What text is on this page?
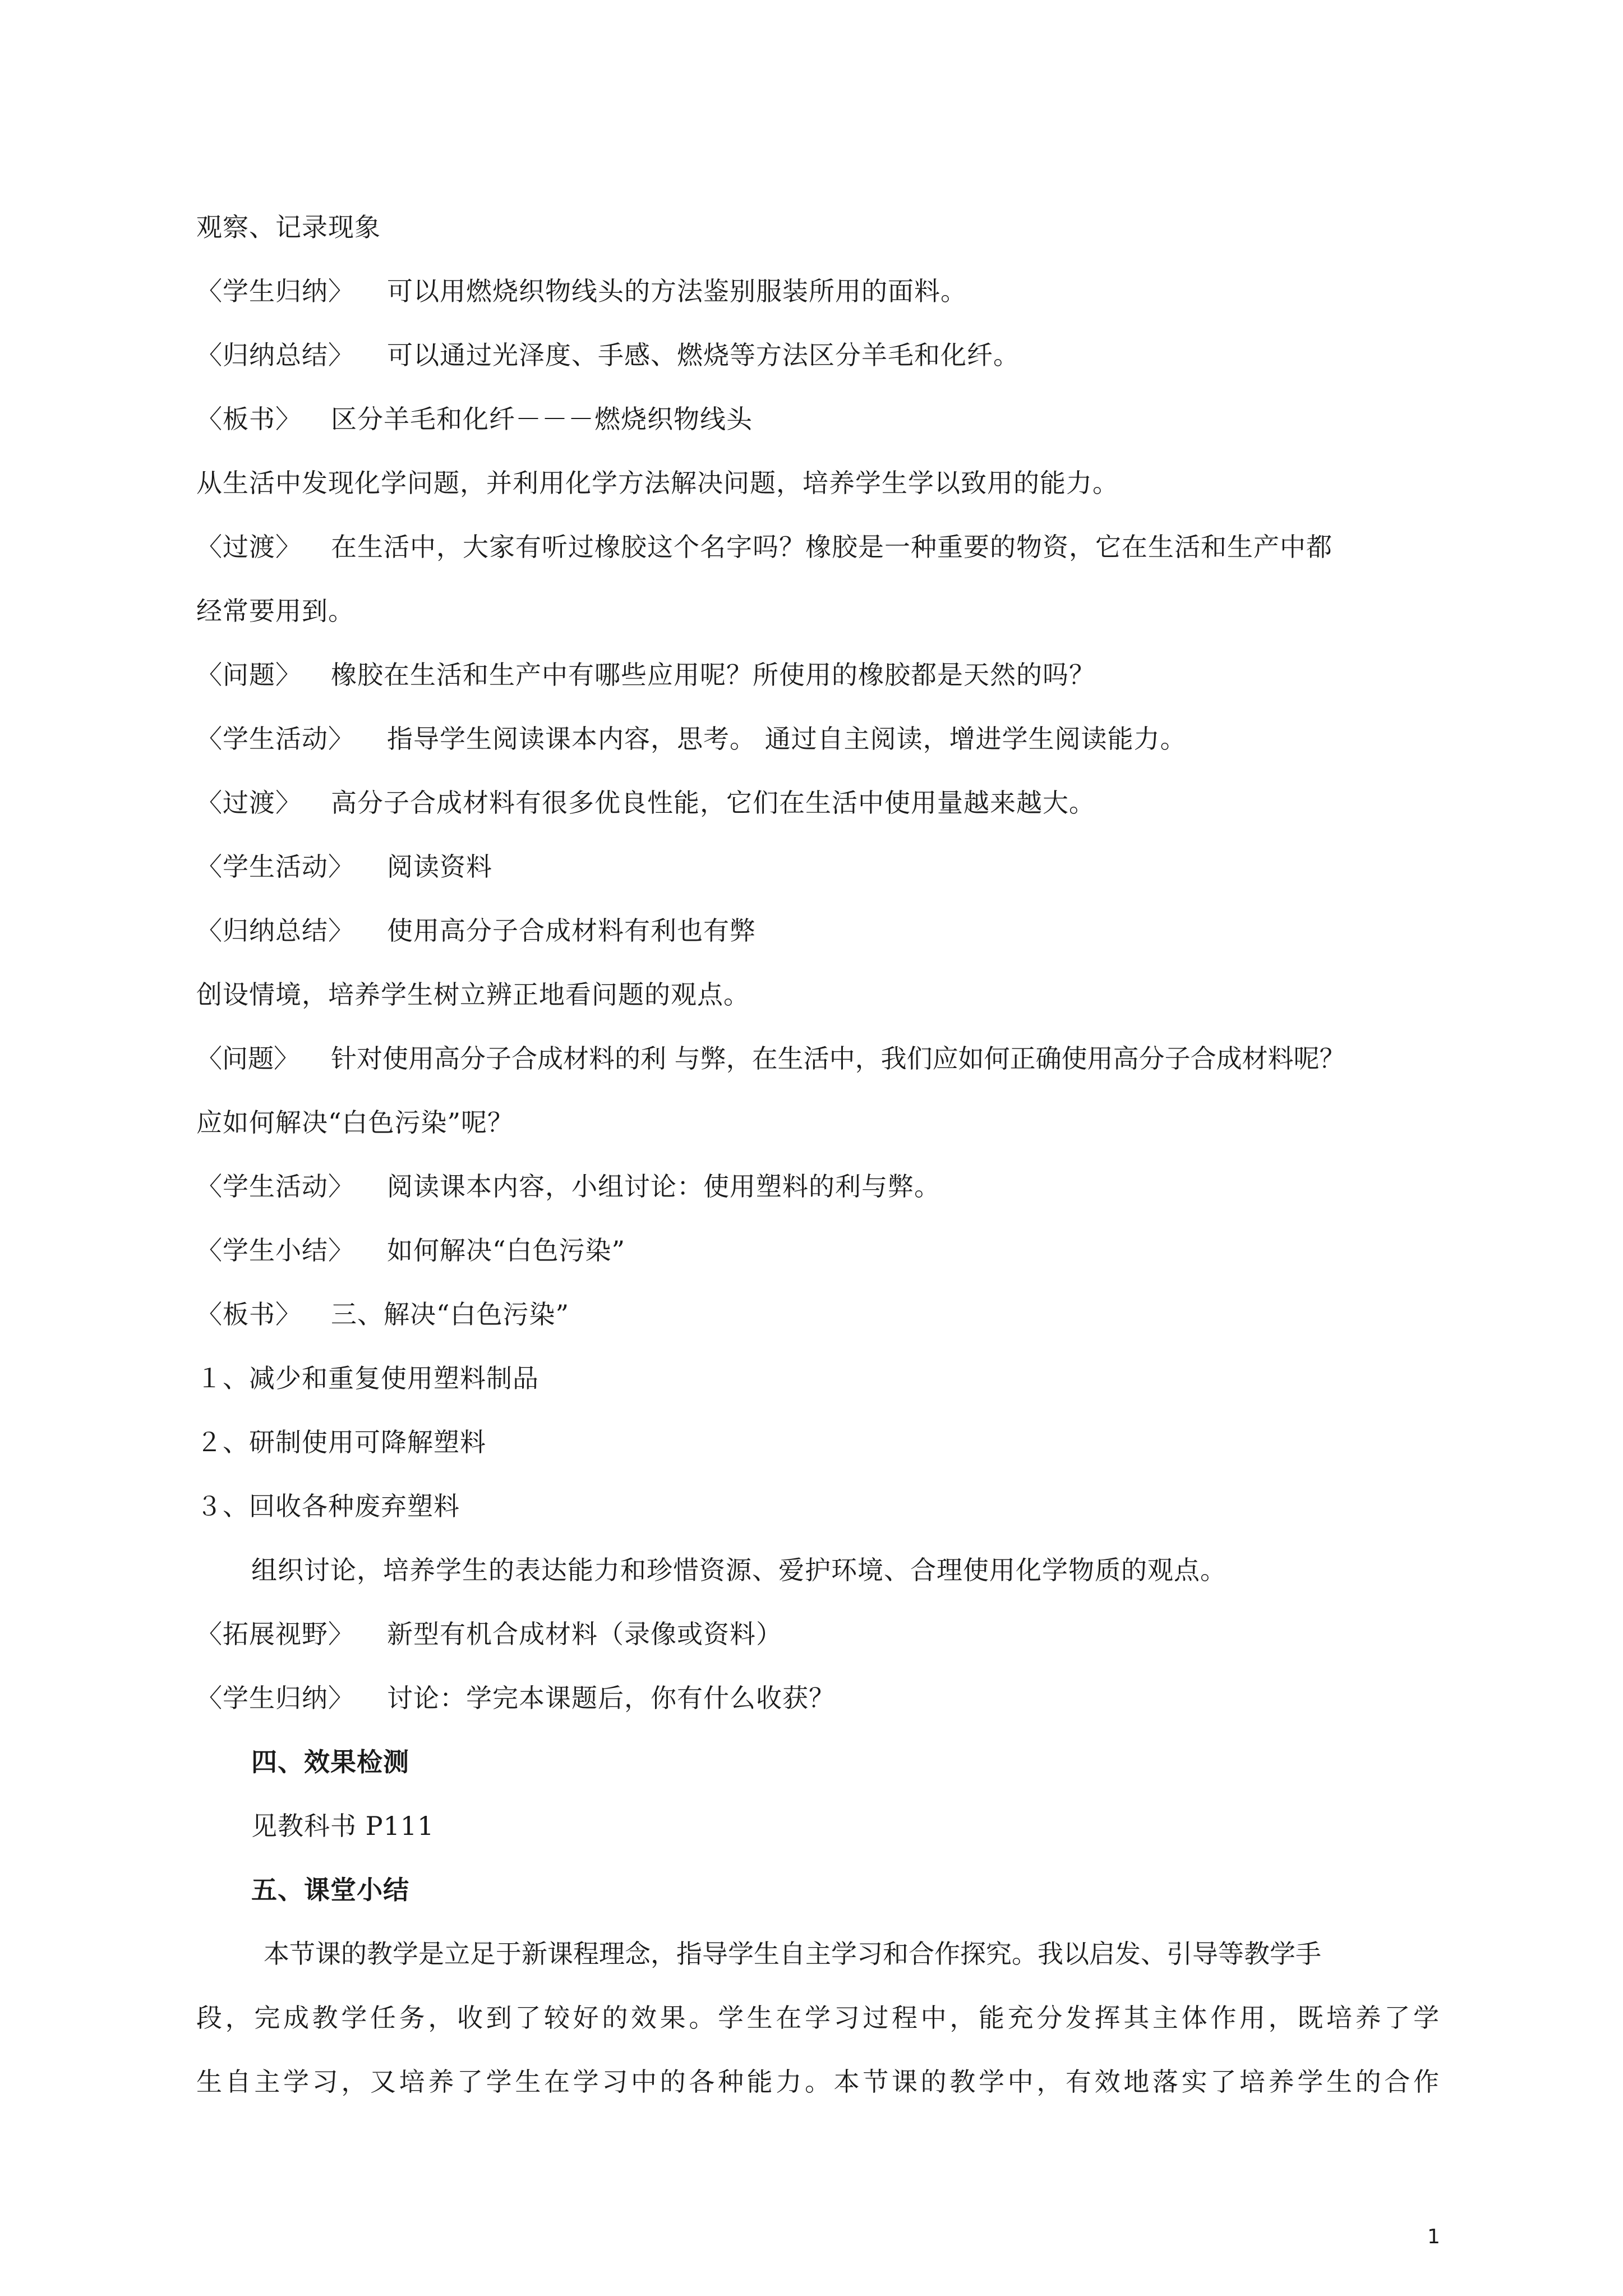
观察、记录现象
〈学生归纳〉 可以用燃烧织物线头的方法鉴别服装所用的面料。
〈归纳总结〉 可以通过光泽度、手感、燃烧等方法区分羊毛和化纤。
〈板书〉 区分羊毛和化纤－－－燃烧织物线头
从生活中发现化学问题，并利用化学方法解决问题，培养学生学以致用的能力。
〈过渡〉 在生活中，大家有听过橡胶这个名字吗？橡胶是一种重要的物资，它在生活和生产中都
经常要用到。
〈问题〉 橡胶在生活和生产中有哪些应用呢？所使用的橡胶都是天然的吗？
〈学生活动〉 指导学生阅读课本内容，思考。 通过自主阅读，增进学生阅读能力。
〈过渡〉 高分子合成材料有很多优良性能，它们在生活中使用量越来越大。
〈学生活动〉 阅读资料
〈归纳总结〉 使用高分子合成材料有利也有弊
创设情境，培养学生树立辨正地看问题的观点。
〈问题〉 针对使用高分子合成材料的利 与弊，在生活中，我们应如何正确使用高分子合成材料呢？
应如何解决“白色污染”呢？
〈学生活动〉 阅读课本内容，小组讨论：使用塑料的利与弊。
〈学生小结〉 如何解决“白色污染”
〈板书〉 三、解决“白色污染”
１、减少和重复使用塑料制品
２、研制使用可降解塑料
３、回收各种废弃塑料
组织讨论，培养学生的表达能力和珍惜资源、爱护环境、合理使用化学物质的观点。
〈拓展视野〉 新型有机合成材料（录像或资料）
〈学生归纳〉 讨论：学完本课题后，你有什么收获？
四、效果检测
见教科书 P111
五、课堂小结
本节课的教学是立足于新课程理念，指导学生自主学习和合作探究。我以启发、引导等教学手
段，完成教学任务，收到了较好的效果。学生在学习过程中，能充分发挥其主体作用，既培养了学
生自主学习，又培养了学生在学习中的各种能力。本节课的教学中，有效地落实了培养学生的合作
1
